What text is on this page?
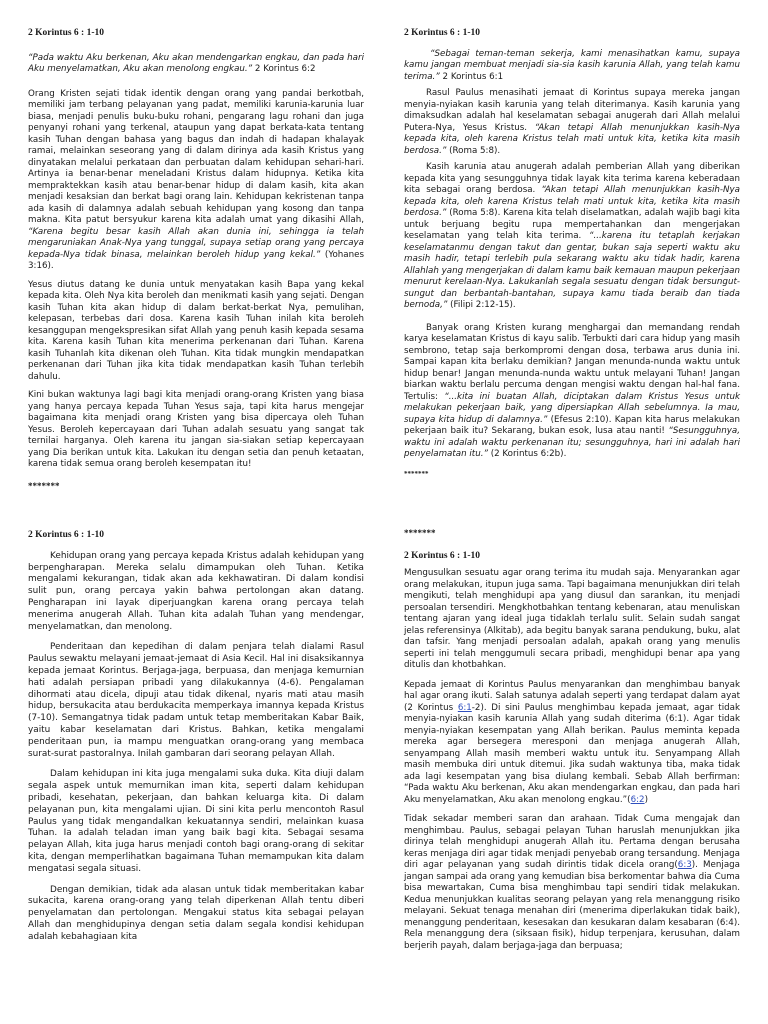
2 Korintus 6 : 1-10

“Pada waktu Aku berkenan, Aku akan mendengarkan engkau, dan pada hari Aku menyelamatkan, Aku akan menolong engkau.” 2 Korintus 6:2

Orang Kristen sejati tidak identik dengan orang yang pandai berkotbah, memiliki jam terbang pelayanan yang padat, memiliki karunia-karunia luar biasa, menjadi penulis buku-buku rohani, pengarang lagu rohani dan juga penyanyi rohani yang terkenal, ataupun yang dapat berkata-kata tentang kasih Tuhan dengan bahasa yang bagus dan indah di hadapan khalayak ramai, melainkan seseorang yang di dalam dirinya ada kasih Kristus yang dinyatakan melalui perkataan dan perbuatan dalam kehidupan sehari-hari. Artinya ia benar-benar meneladani Kristus dalam hidupnya. Ketika kita mempraktekkan kasih atau benar-benar hidup di dalam kasih, kita akan menjadi kesaksian dan berkat bagi orang lain. Kehidupan kekristenan tanpa ada kasih di dalamnya adalah sebuah kehidupan yang kosong dan tanpa makna. Kita patut bersyukur karena kita adalah umat yang dikasihi Allah, “Karena begitu besar kasih Allah akan dunia ini, sehingga ia telah mengaruniakan Anak-Nya yang tunggal, supaya setiap orang yang percaya kepada-Nya tidak binasa, melainkan beroleh hidup yang kekal.” (Yohanes 3:16).

Yesus diutus datang ke dunia untuk menyatakan kasih Bapa yang kekal kepada kita. Oleh Nya kita beroleh dan menikmati kasih yang sejati. Dengan kasih Tuhan kita akan hidup di dalam berkat-berkat Nya, pemulihan, kelepasan, terbebas dari dosa. Karena kasih Tuhan inilah kita beroleh kesanggupan mengekspresikan sifat Allah yang penuh kasih kepada sesama kita. Karena kasih Tuhan kita menerima perkenanan dari Tuhan. Karena kasih Tuhanlah kita dikenan oleh Tuhan. Kita tidak mungkin mendapatkan perkenanan dari Tuhan jika kita tidak mendapatkan kasih Tuhan terlebih dahulu.

Kini bukan waktunya lagi bagi kita menjadi orang-orang Kristen yang biasa yang hanya percaya kepada Tuhan Yesus saja, tapi kita harus mengejar bagaimana kita menjadi orang Kristen yang bisa dipercaya oleh Tuhan Yesus. Beroleh kepercayaan dari Tuhan adalah sesuatu yang sangat tak ternilai harganya. Oleh karena itu jangan sia-siakan setiap kepercayaan yang Dia berikan untuk kita. Lakukan itu dengan setia dan penuh ketaatan, karena tidak semua orang beroleh kesempatan itu!

*******

2 Korintus 6 : 1-10

“Sebagai teman-teman sekerja, kami menasihatkan kamu, supaya kamu jangan membuat menjadi sia-sia kasih karunia Allah, yang telah kamu terima.” 2 Korintus 6:1

Rasul Paulus menasihati jemaat di Korintus supaya mereka jangan menyia-nyiakan kasih karunia yang telah diterimanya. Kasih karunia yang dimaksudkan adalah hal keselamatan sebagai anugerah dari Allah melalui Putera-Nya, Yesus Kristus. “Akan tetapi Allah menunjukkan kasih-Nya kepada kita, oleh karena Kristus telah mati untuk kita, ketika kita masih berdosa.” (Roma 5:8).

Kasih karunia atau anugerah adalah pemberian Allah yang diberikan kepada kita yang sesungguhnya tidak layak kita terima karena keberadaan kita sebagai orang berdosa. “Akan tetapi Allah menunjukkan kasih-Nya kepada kita, oleh karena Kristus telah mati untuk kita, ketika kita masih berdosa.” (Roma 5:8). Karena kita telah diselamatkan, adalah wajib bagi kita untuk berjuang begitu rupa mempertahankan dan mengerjakan keselamatan yang telah kita terima. “...karena itu tetaplah kerjakan keselamatanmu dengan takut dan gentar, bukan saja seperti waktu aku masih hadir, tetapi terlebih pula sekarang waktu aku tidak hadir, karena Allahlah yang mengerjakan di dalam kamu baik kemauan maupun pekerjaan menurut kerelaan-Nya. Lakukanlah segala sesuatu dengan tidak bersungut-sungut dan berbantah-bantahan, supaya kamu tiada beraib dan tiada bernoda,” (Filipi 2:12-15).

Banyak orang Kristen kurang menghargai dan memandang rendah karya keselamatan Kristus di kayu salib. Terbukti dari cara hidup yang masih sembrono, tetap saja berkompromi dengan dosa, terbawa arus dunia ini. Sampai kapan kita berlaku demikian? Jangan menunda-nunda waktu untuk hidup benar! Jangan menunda-nunda waktu untuk melayani Tuhan! Jangan biarkan waktu berlalu percuma dengan mengisi waktu dengan hal-hal fana. Tertulis: “...kita ini buatan Allah, diciptakan dalam Kristus Yesus untuk melakukan pekerjaan baik, yang dipersiapkan Allah sebelumnya. Ia mau, supaya kita hidup di dalamnya.” (Efesus 2:10). Kapan kita harus melakukan pekerjaan baik itu? Sekarang, bukan esok, lusa atau nanti! “Sesungguhnya, waktu ini adalah waktu perkenanan itu; sesungguhnya, hari ini adalah hari penyelamatan itu.” (2 Korintus 6:2b).

*******

2 Korintus 6 : 1-10

Kehidupan orang yang percaya kepada Kristus adalah kehidupan yang berpengharapan. Mereka selalu dimampukan oleh Tuhan. Ketika mengalami kekurangan, tidak akan ada kekhawatiran. Di dalam kondisi sulit pun, orang percaya yakin bahwa pertolongan akan datang. Pengharapan ini layak diperjuangkan karena orang percaya telah menerima anugerah Allah. Tuhan kita adalah Tuhan yang mendengar, menyelamatkan, dan menolong.

Penderitaan dan kepedihan di dalam penjara telah dialami Rasul Paulus sewaktu melayani jemaat-jemaat di Asia Kecil. Hal ini disaksikannya kepada jemaat Korintus. Berjaga-jaga, berpuasa, dan menjaga kemurnian hati adalah persiapan pribadi yang dilakukannya (4-6). Pengalaman dihormati atau dicela, dipuji atau tidak dikenal, nyaris mati atau masih hidup, bersukacita atau berdukacita memperkaya imannya kepada Kristus (7-10). Semangatnya tidak padam untuk tetap memberitakan Kabar Baik, yaitu kabar keselamatan dari Kristus. Bahkan, ketika mengalami penderitaan pun, ia mampu menguatkan orang-orang yang membaca surat-surat pastoralnya. Inilah gambaran dari seorang pelayan Allah.

Dalam kehidupan ini kita juga mengalami suka duka. Kita diuji dalam segala aspek untuk memurnikan iman kita, seperti dalam kehidupan pribadi, kesehatan, pekerjaan, dan bahkan keluarga kita. Di dalam pelayanan pun, kita mengalami ujian. Di sini kita perlu mencontoh Rasul Paulus yang tidak mengandalkan kekuatannya sendiri, melainkan kuasa Tuhan. Ia adalah teladan iman yang baik bagi kita. Sebagai sesama pelayan Allah, kita juga harus menjadi contoh bagi orang-orang di sekitar kita, dengan memperlihatkan bagaimana Tuhan memampukan kita dalam mengatasi segala situasi.

Dengan demikian, tidak ada alasan untuk tidak memberitakan kabar sukacita, karena orang-orang yang telah diperkenan Allah tentu diberi penyelamatan dan pertolongan. Mengakui status kita sebagai pelayan Allah dan menghidupinya dengan setia dalam segala kondisi kehidupan adalah kebahagiaan kita

*******

2 Korintus 6 : 1-10

Mengusulkan sesuatu agar orang terima itu mudah saja. Menyarankan agar orang melakukan, itupun juga sama. Tapi bagaimana menunjukkan diri telah mengikuti, telah menghidupi apa yang diusul dan sarankan, itu menjadi persoalan tersendiri. Mengkhotbahkan tentang kebenaran, atau menuliskan tentang ajaran yang ideal juga tidaklah terlalu sulit. Selain sudah sangat jelas referensinya (Alkitab), ada begitu banyak sarana pendukung, buku, alat dan tafsir. Yang menjadi persoalan adalah, apakah orang yang menulis seperti ini telah menggumuli secara pribadi, menghidupi benar apa yang ditulis dan khotbahkan.

Kepada jemaat di Korintus Paulus menyarankan dan menghimbau banyak hal agar orang ikuti. Salah satunya adalah seperti yang terdapat dalam ayat (2 Korintus 6:1-2). Di sini Paulus menghimbau kepada jemaat, agar tidak menyia-nyiakan kasih karunia Allah yang sudah diterima (6:1). Agar tidak menyia-nyiakan kesempatan yang Allah berikan. Paulus meminta kepada mereka agar bersegera meresponi dan menjaga anugerah Allah, senyampang Allah masih memberi waktu untuk itu. Senyampang Allah masih membuka diri untuk ditemui. Jika sudah waktunya tiba, maka tidak ada lagi kesempatan yang bisa diulang kembali. Sebab Allah berfirman: “Pada waktu Aku berkenan, Aku akan mendengarkan engkau, dan pada hari Aku menyelamatkan, Aku akan menolong engkau.”(6:2)

Tidak sekadar memberi saran dan arahaan. Tidak Cuma mengajak dan menghimbau. Paulus, sebagai pelayan Tuhan haruslah menunjukkan jika dirinya telah menghidupi anugerah Allah itu. Pertama dengan berusaha keras menjaga diri agar tidak menjadi penyebab orang tersandung. Menjaga diri agar pelayanan yang sudah dirintis tidak dicela orang(6:3). Menjaga jangan sampai ada orang yang kemudian bisa berkomentar bahwa dia Cuma bisa mewartakan, Cuma bisa menghimbau tapi sendiri tidak melakukan. Kedua menunjukkan kualitas seorang pelayan yang rela menanggung risiko melayani. Sekuat tenaga menahan diri (menerima diperlakukan tidak baik), menanggung penderitaan, kesesakan dan kesukaran dalam kesabaran (6:4). Rela menanggung dera (siksaan fisik), hidup terpenjara, kerusuhan, dalam berjerih payah, dalam berjaga-jaga dan berpuasa;
